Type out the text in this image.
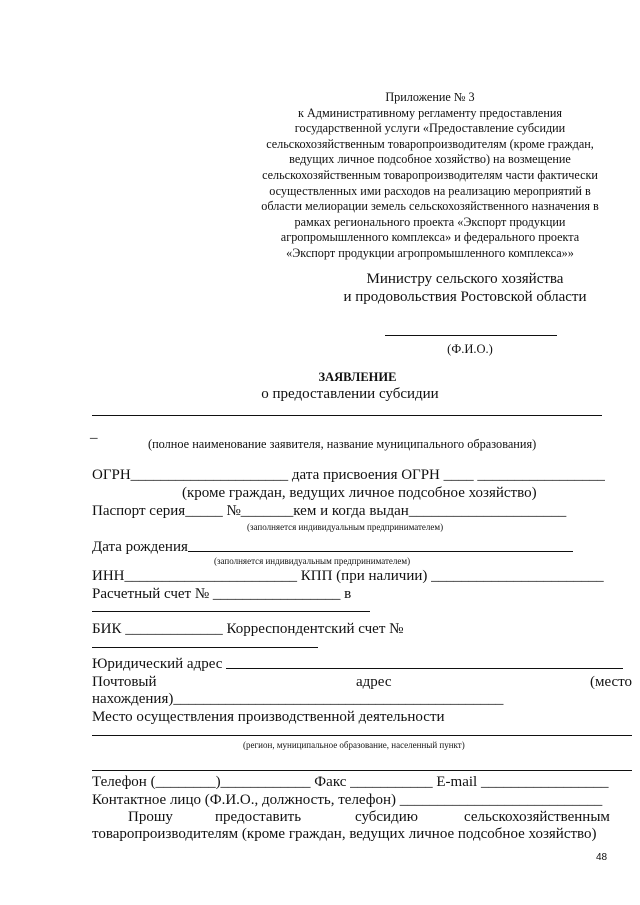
Приложение № 3
к Административному регламенту предоставления
государственной услуги «Предоставление субсидии
сельскохозяйственным товаропроизводителям (кроме граждан,
ведущих личное подсобное хозяйство) на возмещение
сельскохозяйственным товаропроизводителям части фактически
осуществленных ими расходов на реализацию мероприятий в
области мелиорации земель сельскохозяйственного назначения в
рамках регионального проекта «Экспорт продукции
агропромышленного комплекса» и федерального проекта
«Экспорт продукции агропромышленного комплекса»»
Министру сельского хозяйства
и продовольствия Ростовской области
(Ф.И.О.)
ЗАЯВЛЕНИЕ
о предоставлении субсидии
_
(полное наименование заявителя, название муниципального образования)
ОГРН_____________________ дата присвоения ОГРН ____ _________________
(кроме граждан, ведущих личное подсобное хозяйство)
Паспорт серия_____ №_______кем и когда выдан_____________________
(заполняется индивидуальным предпринимателем)
Дата рождения
(заполняется индивидуальным предпринимателем)
ИНН_______________________ КПП (при наличии) _______________________
Расчетный счет № _________________ в
БИК _____________ Корреспондентский счет №
Юридический адрес
Почтовый	адрес	(место
нахождения)____________________________________________
Место осуществления производственной деятельности
(регион, муниципальное образование, населенный пункт)
Телефон (________)____________ Факс ___________ E-mail _________________
Контактное лицо (Ф.И.О., должность, телефон) ___________________________
Прошу	предоставить	субсидию	сельскохозяйственным
товаропроизводителям (кроме граждан, ведущих личное подсобное хозяйство)
48
